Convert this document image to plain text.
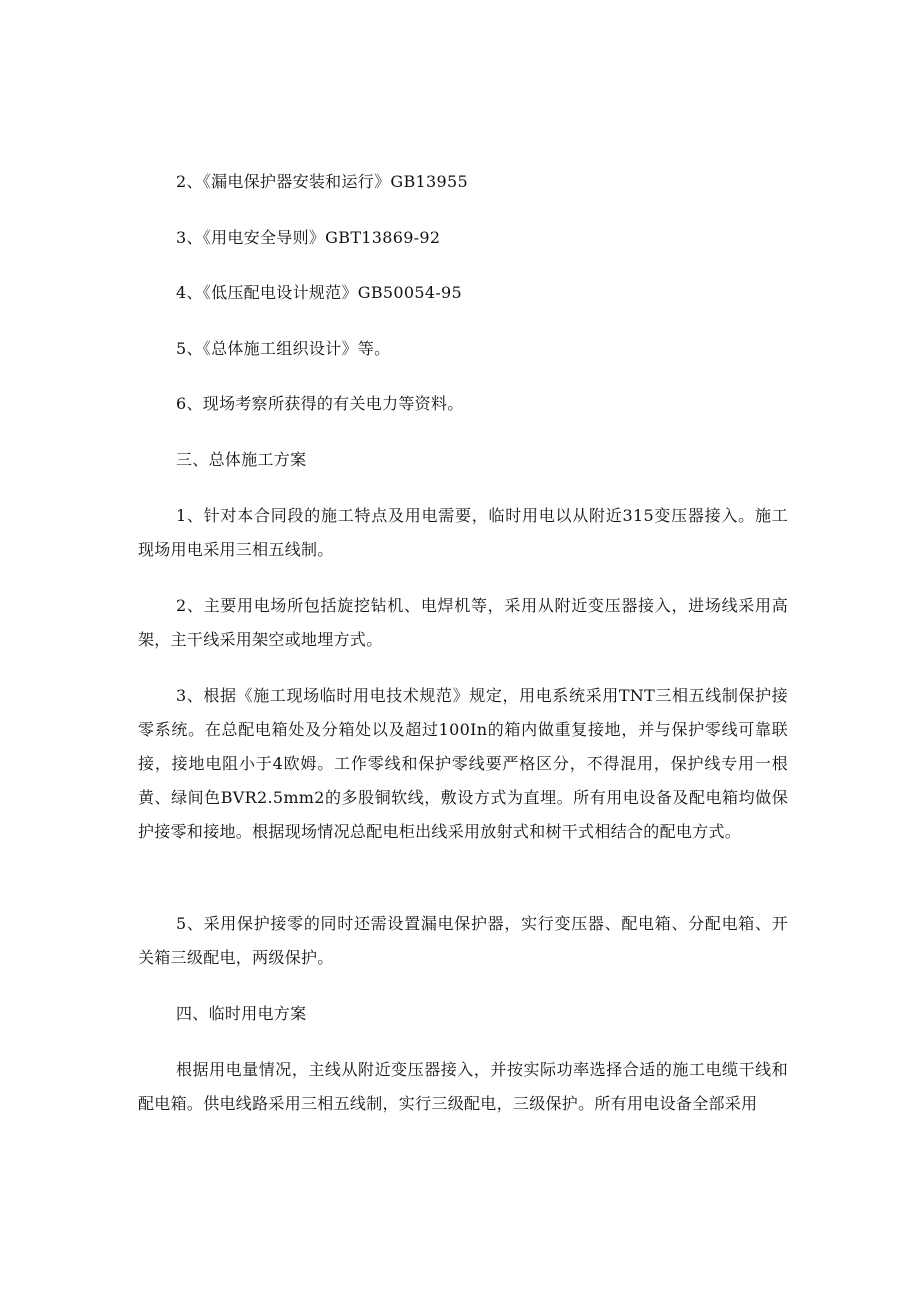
2、《漏电保护器安装和运行》GB13955

3、《用电安全导则》GBT13869-92

4、《低压配电设计规范》GB50054-95

5、《总体施工组织设计》等。

6、现场考察所获得的有关电力等资料。

三、总体施工方案

1、针对本合同段的施工特点及用电需要，临时用电以从附近315变压器接入。施工现场用电采用三相五线制。

2、主要用电场所包括旋挖钻机、电焊机等，采用从附近变压器接入，进场线采用高架，主干线采用架空或地埋方式。

3、根据《施工现场临时用电技术规范》规定，用电系统采用TNT三相五线制保护接零系统。在总配电箱处及分箱处以及超过100In的箱内做重复接地，并与保护零线可靠联接，接地电阻小于4欧姆。工作零线和保护零线要严格区分，不得混用，保护线专用一根黄、绿间色BVR2.5mm2的多股铜软线，敷设方式为直埋。所有用电设备及配电箱均做保护接零和接地。根据现场情况总配电柜出线采用放射式和树干式相结合的配电方式。

5、采用保护接零的同时还需设置漏电保护器，实行变压器、配电箱、分配电箱、开关箱三级配电，两级保护。

四、临时用电方案

根据用电量情况，主线从附近变压器接入，并按实际功率选择合适的施工电缆干线和配电箱。供电线路采用三相五线制，实行三级配电，三级保护。所有用电设备全部采用
